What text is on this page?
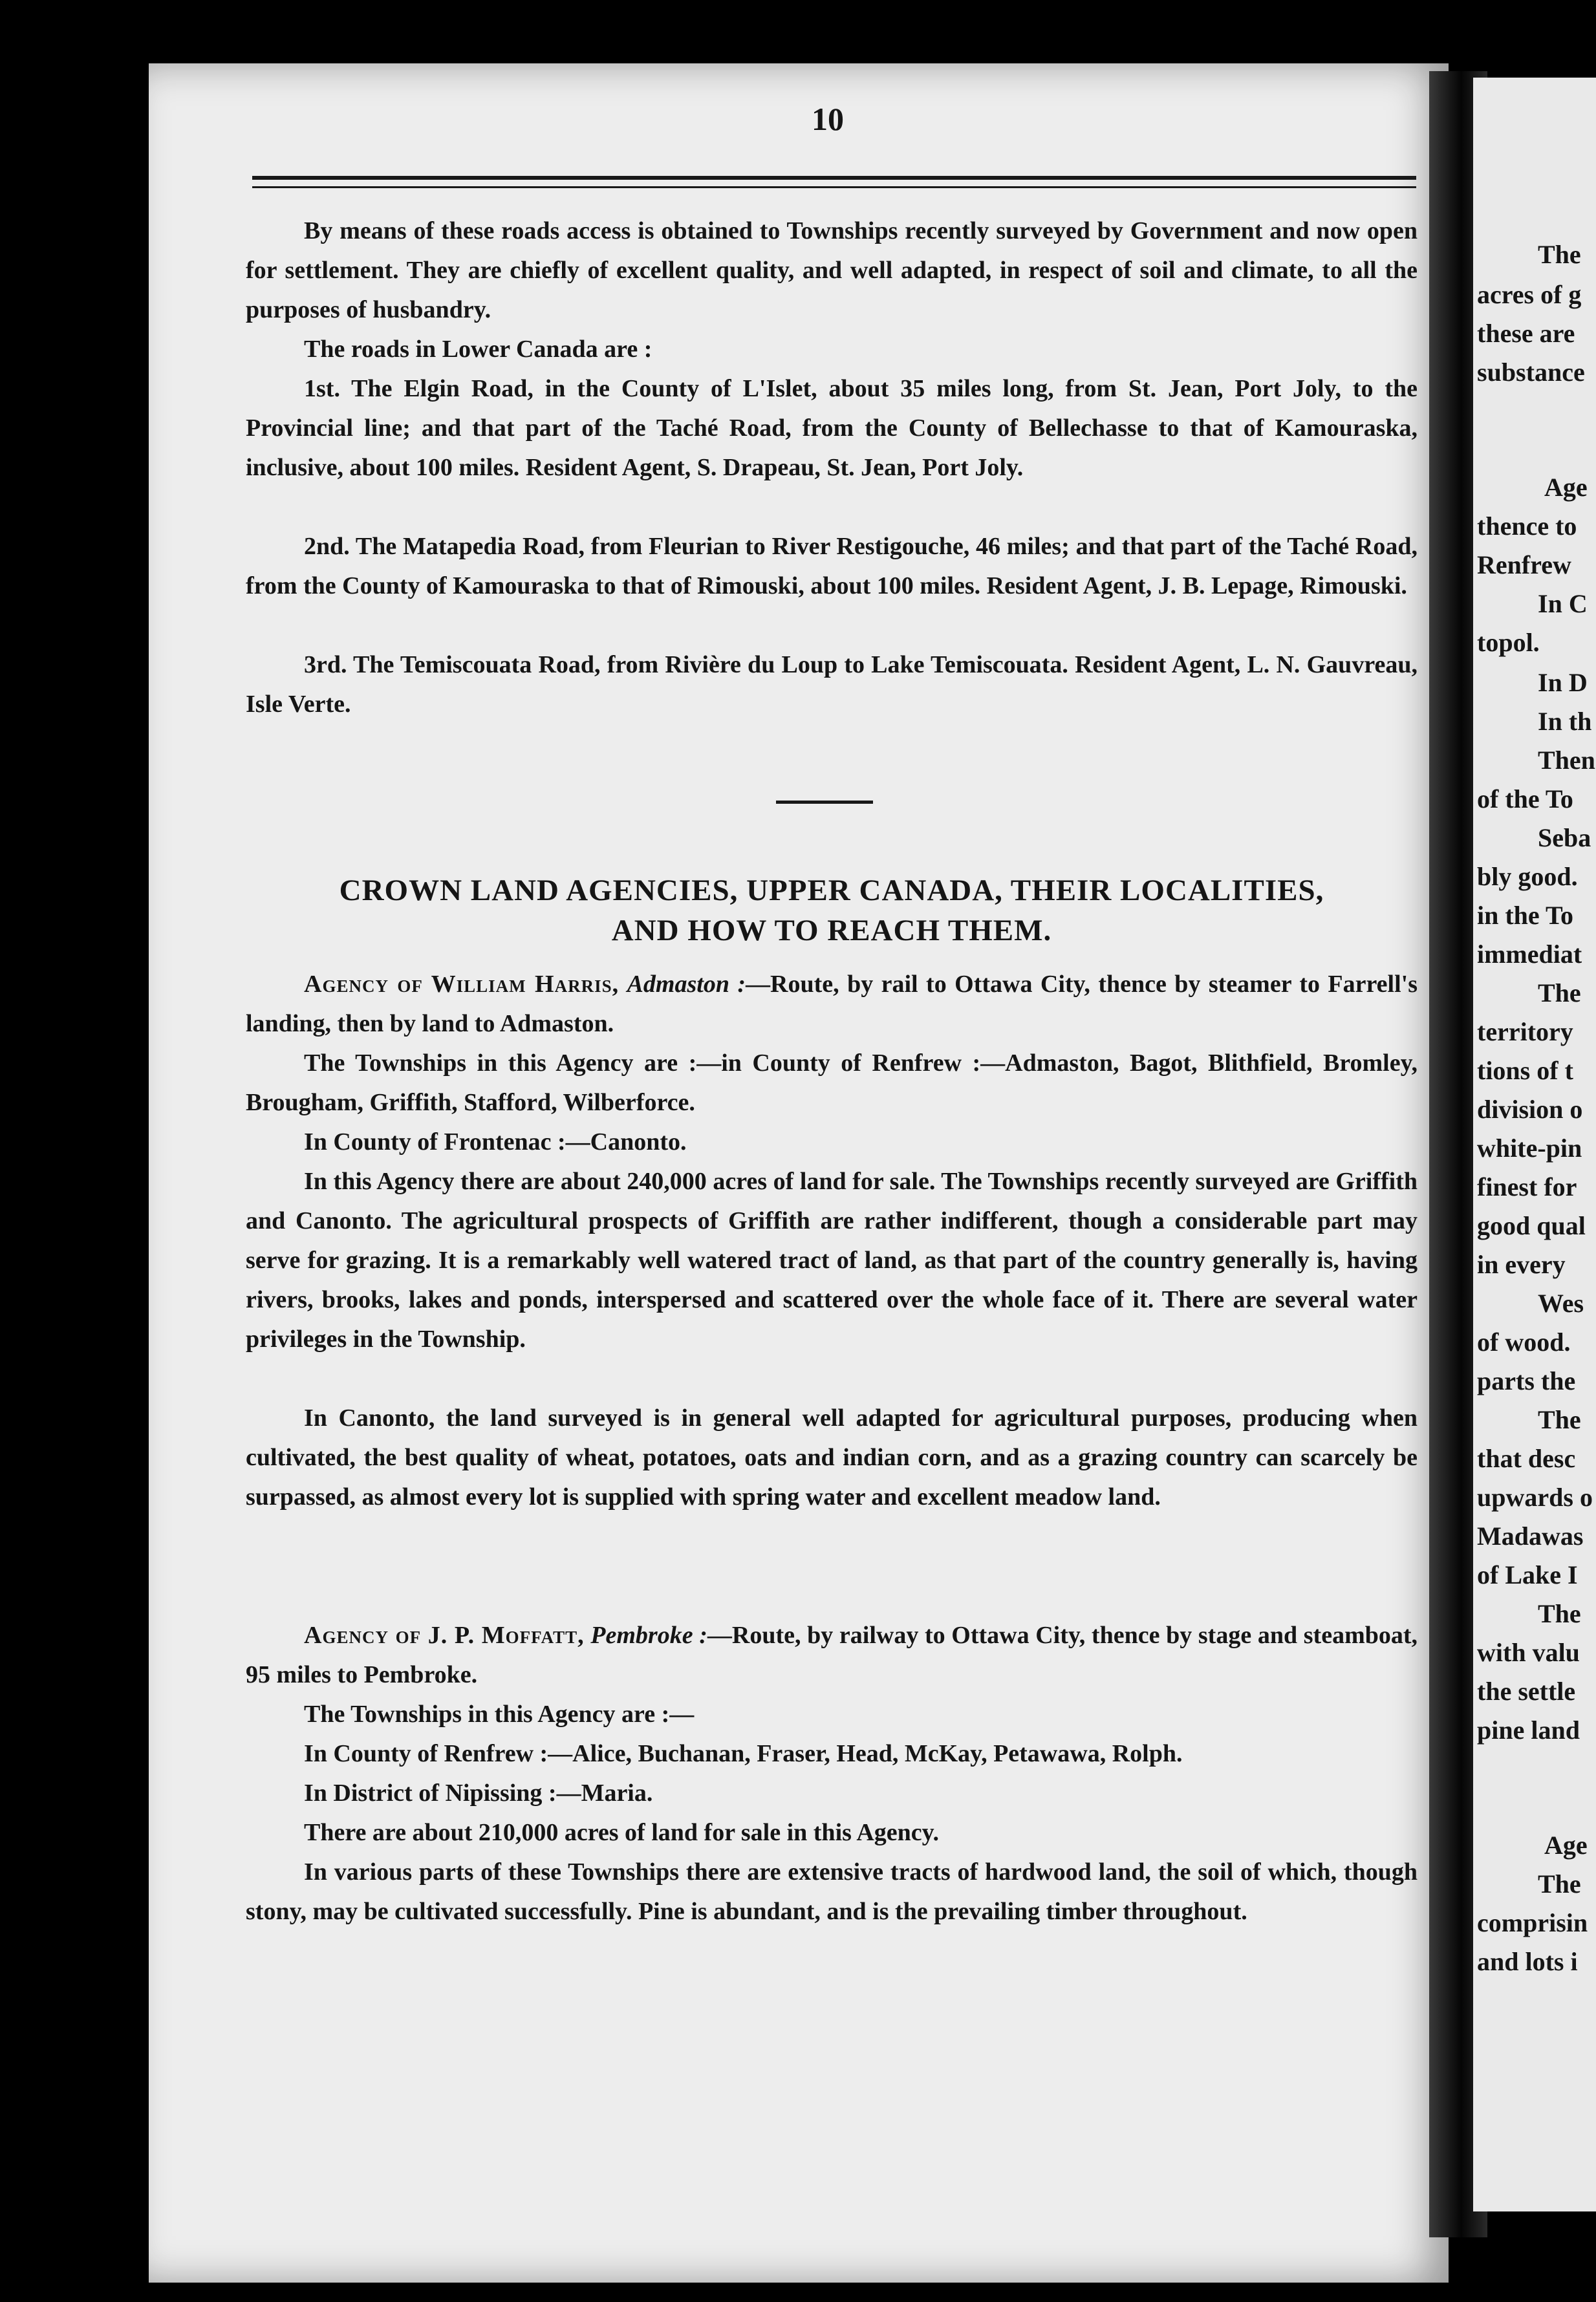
10

By means of these roads access is obtained to Townships recently surveyed by Government and now open for settlement. They are chiefly of excellent quality, and well adapted, in respect of soil and climate, to all the purposes of husbandry.

The roads in Lower Canada are :

1st. The Elgin Road, in the County of L'Islet, about 35 miles long, from St. Jean, Port Joly, to the Provincial line; and that part of the Taché Road, from the County of Bellechasse to that of Kamouraska, inclusive, about 100 miles. Resident Agent, S. Drapeau, St. Jean, Port Joly.

2nd. The Matapedia Road, from Fleurian to River Restigouche, 46 miles; and that part of the Taché Road, from the County of Kamouraska to that of Rimouski, about 100 miles. Resident Agent, J. B. Lepage, Rimouski.

3rd. The Temiscouata Road, from Rivière du Loup to Lake Temiscouata. Resident Agent, L. N. Gauvreau, Isle Verte.

CROWN LAND AGENCIES, UPPER CANADA, THEIR LOCALITIES,
AND HOW TO REACH THEM.

Agency of William Harris, Admaston :—Route, by rail to Ottawa City, thence by steamer to Farrell's landing, then by land to Admaston.

The Townships in this Agency are :—in County of Renfrew :—Admaston, Bagot, Blithfield, Bromley, Brougham, Griffith, Stafford, Wilberforce.

In County of Frontenac :—Canonto.

In this Agency there are about 240,000 acres of land for sale. The Townships recently surveyed are Griffith and Canonto. The agricultural prospects of Griffith are rather indifferent, though a considerable part may serve for grazing. It is a remarkably well watered tract of land, as that part of the country generally is, having rivers, brooks, lakes and ponds, interspersed and scattered over the whole face of it. There are several water privileges in the Township.

In Canonto, the land surveyed is in general well adapted for agricultural purposes, producing when cultivated, the best quality of wheat, potatoes, oats and indian corn, and as a grazing country can scarcely be surpassed, as almost every lot is supplied with spring water and excellent meadow land.

Agency of J. P. Moffatt, Pembroke :—Route, by railway to Ottawa City, thence by stage and steamboat, 95 miles to Pembroke.

The Townships in this Agency are :—

In County of Renfrew :—Alice, Buchanan, Fraser, Head, McKay, Petawawa, Rolph.

In District of Nipissing :—Maria.

There are about 210,000 acres of land for sale in this Agency.

In various parts of these Townships there are extensive tracts of hardwood land, the soil of which, though stony, may be cultivated successfully. Pine is abundant, and is the prevailing timber throughout.

The
acres of g
these are
substance
Age
thence to
Renfrew
In C
topol.
In D
In th
Then
of the To
Seba
bly good.
in the To
immediat
The
territory
tions of t
division o
white-pin
finest for
good qual
in every
Wes
of wood.
parts the
The
that desc
upwards o
Madawas
of Lake I
The
with valu
the settle
pine land
Age
The
comprisin
and lots i
